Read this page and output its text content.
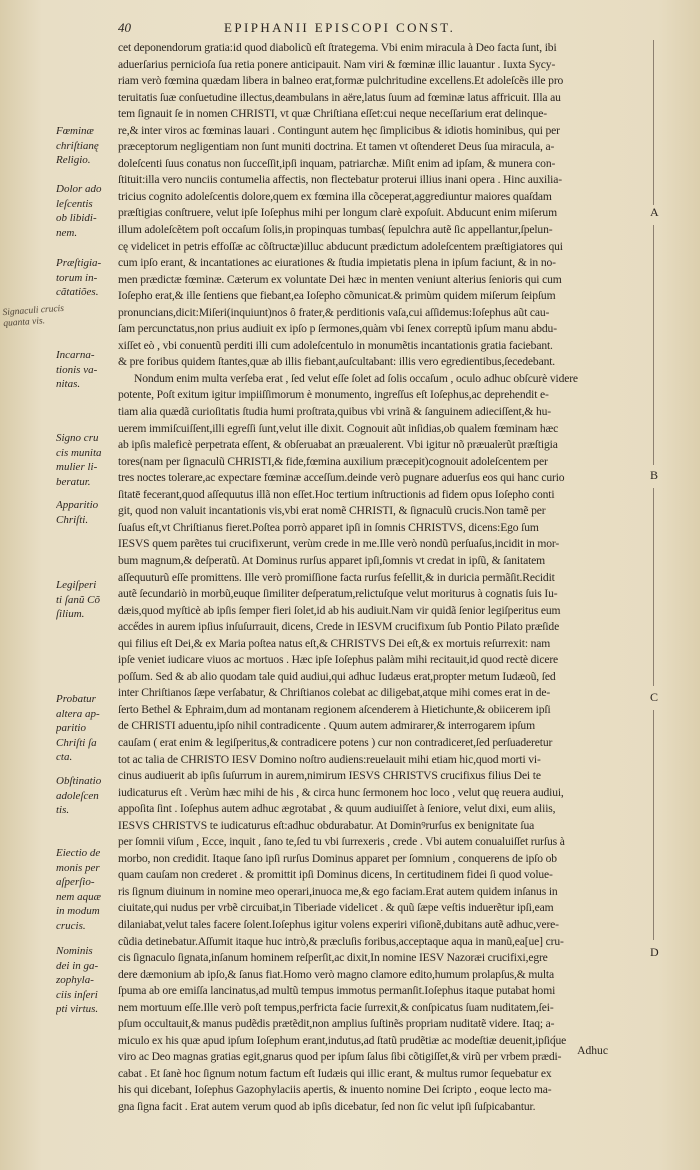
40	EPIPHANII EPISCOPI CONST.
cet deponendorum gratia:id quod diabolicũ eſt ſtrategema. Vbi enim miracula à Deo facta ſunt, ibi
aduerſarius pernicioſa ſua retia ponere anticipauit. Nam viri & fœminæ illic lauantur . Iuxta Sycy-
riam verò fœmina quædam libera in balneo erat,formæ pulchritudine excellens.Et adoleſcẽs ille pro
teruitatis ſuæ conſuetudine illectus,deambulans in aëre,latus ſuum ad fœminæ latus affricuit. Illa au
tem ſignauit ſe in nomen CHRISTI, vt quæ Chriſtiana eſſet:cui neque neceſſarium erat delinque-
re,& inter viros ac fœminas lauari . Contingunt autem hęc ſimplicibus & idiotis hominibus, qui per
præceptorum negligentiam non ſunt muniti doctrina. Et tamen vt oſtenderet Deus ſua miracula, a-
doleſcenti ſuus conatus non ſucceſſit,ipſi inquam, patriarchæ. Miſit enim ad ipſam, & munera con-
ſtituit:illa vero nunciis contumelia affectis, non flectebatur proterui illius inani opera . Hinc auxilia-
tricius cognito adoleſcentis dolore,quem ex fœmina illa cõceperat,aggrediuntur maiores quaſdam
præſtigias conſtruere, velut ipſe Ioſephus mihi per longum clarè expoſuit. Abducunt enim miſerum
illum adoleſcẽtem poſt occaſum ſolis,in propinquas tumbas( ſepulchra autẽ ſic appellantur,ſpelun-
cę videlicet in petris effoſſæ ac cõſtructæ)illuc abducunt prædictum adoleſcentem præſtigiatores qui
cum ipſo erant, & incantationes ac eiurationes & ſtudia impietatis plena in ipſum faciunt, & in no-
men prædictæ fœminæ. Cæterum ex voluntate Dei hæc in menten veniunt alterius ſenioris qui cum
Ioſepho erat,& ille ſentiens que fiebant,ea Ioſepho cõmunicat.& primùm quidem miſerum ſeipſum
pronuncians,dicit:Miſeri(inquiunt)nos ô frater,& perditionis vaſa,cui aſſidemus:Ioſephus aũt cau-
ſam percunctatus,non prius audiuit ex ipſo p ſermones,quàm vbi ſenex correptũ ipſum manu abdu-
xiſſet eò , vbi conuentũ perditi illi cum adoleſcentulo in monumẽtis incantationis gratia faciebant.
& pre foribus quidem ſtantes,quæ ab illis fiebant,auſcultabant: illis vero egredientibus,ſecedebant.
Nondum enim multa verſeba erat , ſed velut eſſe ſolet ad ſolis occaſum , oculo adhuc obſcurè videre
potente, Poſt exitum igitur impiiſſimorum è monumento, ingreſſus eſt Ioſephus,ac deprehendit e-
tiam alia quædã curioſitatis ſtudia humi proſtrata,quibus vbi vrinã & ſanguinem adieciſſent,& hu-
uerem immiſcuiſſent,illi egreſſi ſunt,velut ille dixit. Cognouit aũt inſidias,ob qualem fœminam hæc
ab ipſis maleficè perpetrata eſſent, & obſeruabat an præualerent. Vbi igitur nõ præualerũt præſtigia
tores(nam per ſignaculũ CHRISTI,& fide,fœmina auxilium præcepit)cognouit adoleſcentem per
tres noctes tolerare,ac expectare fœminæ acceſſum.deinde verò pugnare aduerſus eos qui hanc curio
ſitatē fecerant,quod aſſequutus illã non eſſet.Hoc tertium inſtructionis ad fidem opus Ioſepho conti
git, quod non valuit incantationis vis,vbi erat nomẽ CHRISTI, & ſignaculũ crucis.Non tamẽ per
ſuaſus eſt,vt Chriſtianus fieret.Poſtea porrò apparet ipſi in ſomnis CHRISTVS, dicens:Ego ſum
IESVS quem parẽtes tui crucifixerunt, verùm crede in me.Ille verò nondũ perſuaſus,incidit in mor-
bum magnum,& deſperatũ. At Dominus rurſus apparet ipſi,ſomnis vt credat in ipſũ, & ſanitatem
aſſequuturũ eſſe promittens. Ille verò promiſſione facta rurſus feſellit,& in duricia permãſit.Recidit
autẽ ſecundariò in morbũ,euque ſimiliter deſperatum,relictuſque velut moriturus à cognatis ſuis Iu-
dæis,quod myſticè ab ipſis ſemper fieri ſolet,id ab his audiuit.Nam vir quidã ſenior legiſperitus eum
acce̋des in aurem ipſius inſuſurrauit, dicens, Crede in IESVM crucifixum ſub Pontio Pilato præſide
qui filius eſt Dei,& ex Maria poſtea natus eſt,& CHRISTVS Dei eſt,& ex mortuis reſurrexit: nam
ipſe veniet iudicare viuos ac mortuos . Hæc ipſe Ioſephus palàm mihi recitauit,id quod rectè dicere
poſſum. Sed & ab alio quodam tale quid audiui,qui adhuc Iudæus erat,propter metum Iudæoũ, ſed
inter Chriſtianos ſæpe verſabatur, & Chriſtianos colebat ac diligebat,atque mihi comes erat in de-
ſerto Bethel & Ephraim,dum ad montanam regionem aſcenderem à Hietichunte,& obiicerem ipſi
de CHRISTI aduentu,ipſo nihil contradicente . Quum autem admirarer,& interrogarem ipſum
cauſam ( erat enim & legiſperitus,& contradicere potens ) cur non contradiceret,ſed perſuaderetur
tot ac talia de CHRISTO IESV Domino noſtro audiens:reuelauit mihi etiam hic,quod morti vi-
cinus audiuerit ab ipſis ſuſurrum in aurem,nimirum IESVS CHRISTVS crucifixus filius Dei te
iudicaturus eſt . Verùm hæc mihi de his , & circa hunc ſermonem hoc loco , velut quę reuera audiui,
appoſita ſint . Ioſephus autem adhuc ægrotabat , & quum audiuiſſet à ſeniore, velut dixi, eum aliis,
IESVS CHRISTVS te iudicaturus eſt:adhuc obdurabatur. At Dominꝰrurſus ex benignitate ſua
per ſomnii viſum , Ecce, inquit , ſano te,ſed tu vbi ſurrexeris , crede . Vbi autem conualuiſſet rurſus à
morbo, non credidit. Itaque ſano ipſi rurſus Dominus apparet per ſomnium , conquerens de ipſo ob
quam cauſam non crederet . & promittit ipſi Dominus dicens, In certitudinem fidei ſi quod volue-
ris ſignum diuinum in nomine meo operari,inuoca me,& ego faciam.Erat autem quidem inſanus in
ciuitate,qui nudus per vrbẽ circuibat,in Tiberiade videlicet . & quũ ſæpe veſtis induerẽtur ipſi,eam
dilaniabat,velut tales facere ſolent.Ioſephus igitur volens experiri viſionẽ,dubitans autẽ adhuc,vere-
cũdia detinebatur.Aſſumit itaque huc intrò,& præcluſis foribus,acceptaque aqua in manũ,ea[ue] cru-
cis ſignaculo ſignata,inſanum hominem reſperſit,ac dixit,In nomine IESV Nazoræi crucifixi,egre
dere dæmonium ab ipſo,& ſanus fiat.Homo verò magno clamore edito,humum prolapſus,& multa
ſpuma ab ore emiſſa lancinatus,ad multũ tempus immotus permanſit.Ioſephus itaque putabat homi
nem mortuum eſſe.Ille verò poſt tempus,perfricta facie ſurrexit,& conſpicatus ſuam nuditatem,ſei-
pſum occultauit,& manus pudẽdis prætẽdit,non amplius ſuſtinẽs propriam nuditatẽ videre. Itaq; a-
miculo ex his quæ apud ipſum Ioſephum erant,indutus,ad ſtatũ prudẽtiæ ac modeſtiæ deuenit,ipſiq́ue
viro ac Deo magnas gratias egit,gnarus quod per ipſum ſalus ſibi cõtigiſſet,& virũ per vrbem prædi-
cabat . Et ſanè hoc ſignum notum factum eſt Iudæis qui illic erant, & multus rumor ſequebatur ex
his qui dicebant, Ioſephus Gazophylaciis apertis, & inuento nomine Dei ſcripto , eoque lecto ma-
gna ſigna facit . Erat autem verum quod ab ipſis dicebatur, ſed non ſic velut ipſi ſuſpicabantur.
Adhuc
Fœminæ
chriſtianę
Religio.
Dolor ado
leſcentis
ob libidi-
nem.
Præſtigia-
torum in-
cãtatiões.
Incarna-
tionis va-
nitas.
Signo cru
cis munita
mulier li-
beratur.
Apparitio
Chriſti.
Legiſperi
ti ſanũ Cõ
ſilium.
Probatur
altera ap-
paritio
Chriſti ſa
cta.
Obſtinatio
adoleſcen
tis.
Eiectio de
monis per
aſperſio-
nem aquæ
in modum
crucis.
Nominis
dei in ga-
zophyla-
ciis inſeri
pti virtus.
Signaculi crucis
quanta vis.
A
B
C
D
